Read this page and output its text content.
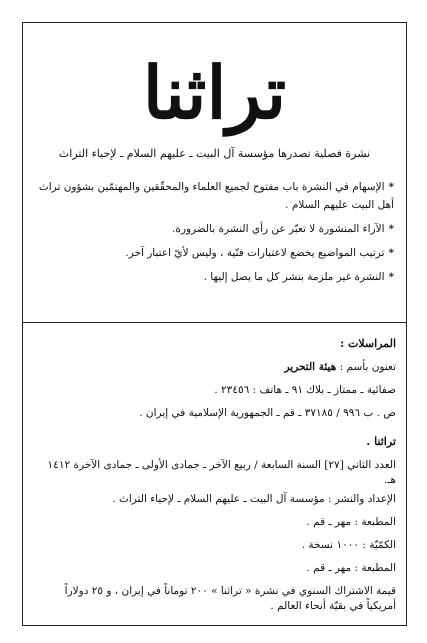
تراثنا
نشرة فصلية تصدرها مؤسسة آل البيت ـ عليهم السلام ـ لإحياء التراث
*الإسهام في النشرة باب مفتوح لجميع العلماء والمحقّقين والمهتمّين بشؤون تراث أهل البيت عليهم السلام .
*الآراء المنشورة لا تعبّر عن رأي النشرة بالضرورة.
*ترتيب المواضيع يخضع لاعتبارات فنّية ، وليس لأيّ اعتبار آخر.
*النشرة غير ملزمة بنشر كل ما يصل إليها .
المراسلات :
تعنون بأسم : هيئة التحرير
صفائية ـ ممتاز ـ بلاك ٩١ ـ هاتف : ٢٣٤٥٦ .
ص . ب ٩٩٦ / ٣٧١٨٥ ـ قم ـ الجمهورية الإسلامية في إيران .
تراثنا .
العدد الثاني [٢٧] السنة السابعة / ربيع الآخر ـ جمادى الأولى ـ جمادى الآخرة ١٤١٢ هـ.
الإعداد والنشر : مؤسسة آل البيت ـ عليهم السلام ـ لإحياء التراث .
المطبعة : مهر ـ قم .
الكمّيّة : ١٠٠٠ نسخة .
المطبعة : مهر ـ قم .
قيمة الاشتراك السنوي في نشرة « تراثنا » ٢٠٠ توماناً في إيران ، و ٢٥ دولاراً أمريكياً في بقيّة أنحاء العالم .
